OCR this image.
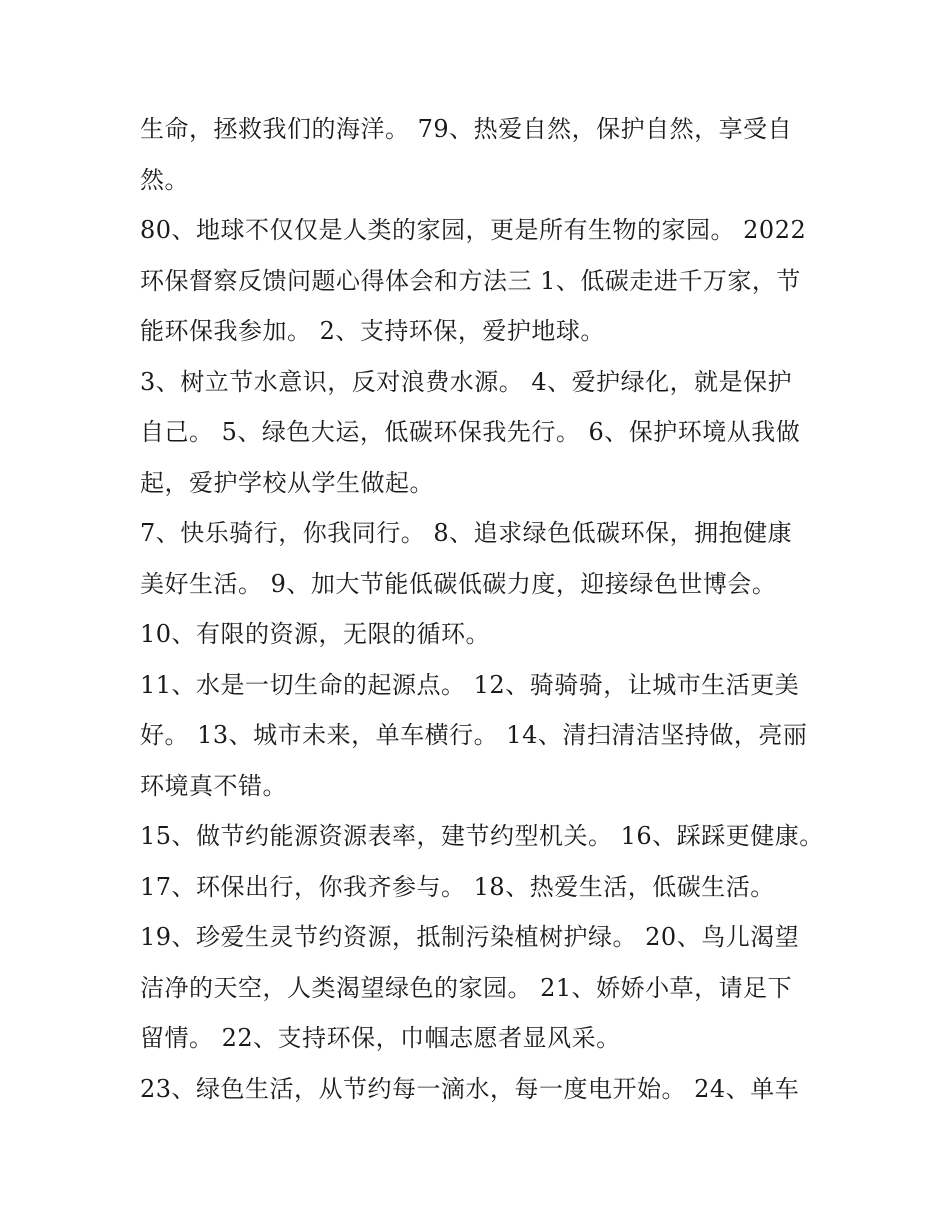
生命，拯救我们的海洋。 79、热爱自然，保护自然，享受自
然。
80、地球不仅仅是人类的家园，更是所有生物的家园。 2022
环保督察反馈问题心得体会和方法三 1、低碳走进千万家，节
能环保我参加。 2、支持环保，爱护地球。
3、树立节水意识，反对浪费水源。 4、爱护绿化，就是保护
自己。 5、绿色大运，低碳环保我先行。 6、保护环境从我做
起，爱护学校从学生做起。
7、快乐骑行，你我同行。 8、追求绿色低碳环保，拥抱健康
美好生活。 9、加大节能低碳低碳力度，迎接绿色世博会。
10、有限的资源，无限的循环。
11、水是一切生命的起源点。 12、骑骑骑，让城市生活更美
好。 13、城市未来，单车横行。 14、清扫清洁坚持做，亮丽
环境真不错。
15、做节约能源资源表率，建节约型机关。 16、踩踩更健康。
17、环保出行，你我齐参与。 18、热爱生活，低碳生活。
19、珍爱生灵节约资源，抵制污染植树护绿。 20、鸟儿渴望
洁净的天空，人类渴望绿色的家园。 21、娇娇小草，请足下
留情。 22、支持环保，巾帼志愿者显风采。
23、绿色生活，从节约每一滴水，每一度电开始。 24、单车
